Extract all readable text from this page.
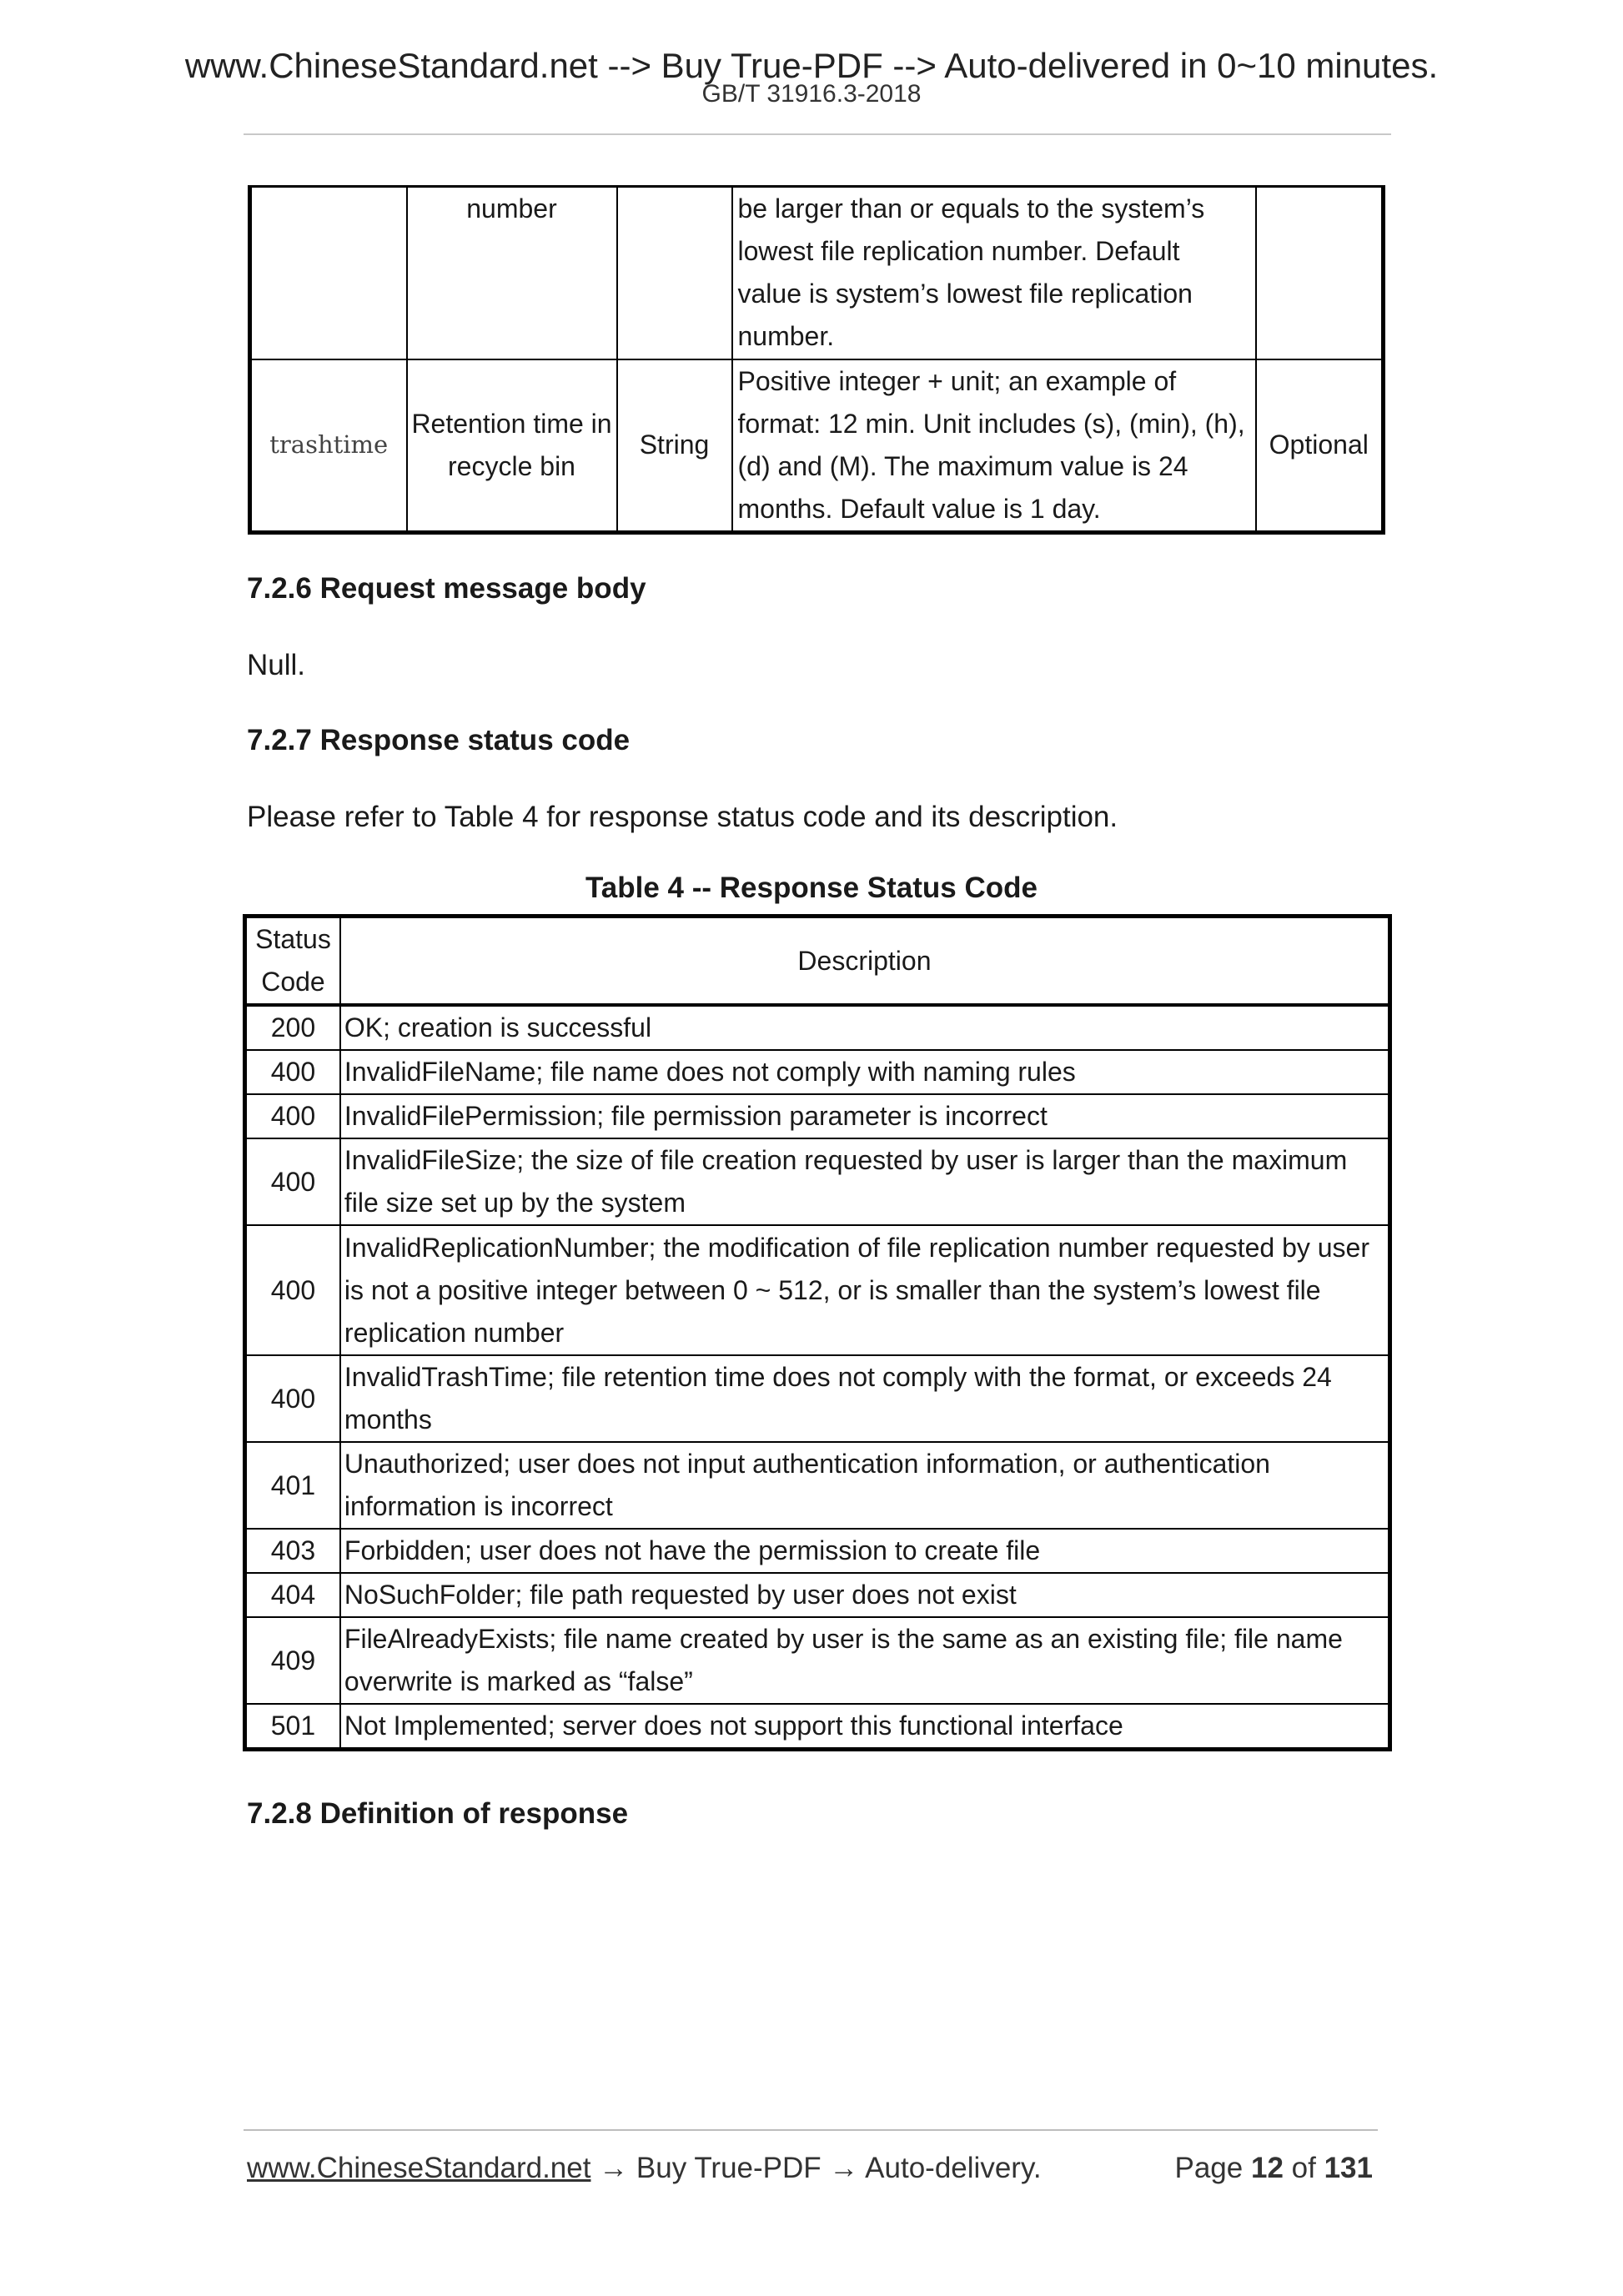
www.ChineseStandard.net --> Buy True-PDF --> Auto-delivered in 0~10 minutes.
GB/T 31916.3-2018
	number		be larger than or equals to the system’s lowest file replication number. Default value is system’s lowest file replication number.	
trashtime	Retention time in recycle bin	String	Positive integer + unit; an example of format: 12 min. Unit includes (s), (min), (h), (d) and (M). The maximum value is 24 months. Default value is 1 day.	Optional
7.2.6 Request message body
Null.
7.2.7 Response status code
Please refer to Table 4 for response status code and its description.
Table 4 -- Response Status Code
Status Code	Description
200	OK; creation is successful
400	InvalidFileName; file name does not comply with naming rules
400	InvalidFilePermission; file permission parameter is incorrect
400	InvalidFileSize; the size of file creation requested by user is larger than the maximum file size set up by the system
400	InvalidReplicationNumber; the modification of file replication number requested by user is not a positive integer between 0 ~ 512, or is smaller than the system’s lowest file replication number
400	InvalidTrashTime; file retention time does not comply with the format, or exceeds 24 months
401	Unauthorized; user does not input authentication information, or authentication information is incorrect
403	Forbidden; user does not have the permission to create file
404	NoSuchFolder; file path requested by user does not exist
409	FileAlreadyExists; file name created by user is the same as an existing file; file name overwrite is marked as “false”
501	Not Implemented; server does not support this functional interface
7.2.8 Definition of response
www.ChineseStandard.net → Buy True-PDF → Auto-delivery.	Page 12 of 131
